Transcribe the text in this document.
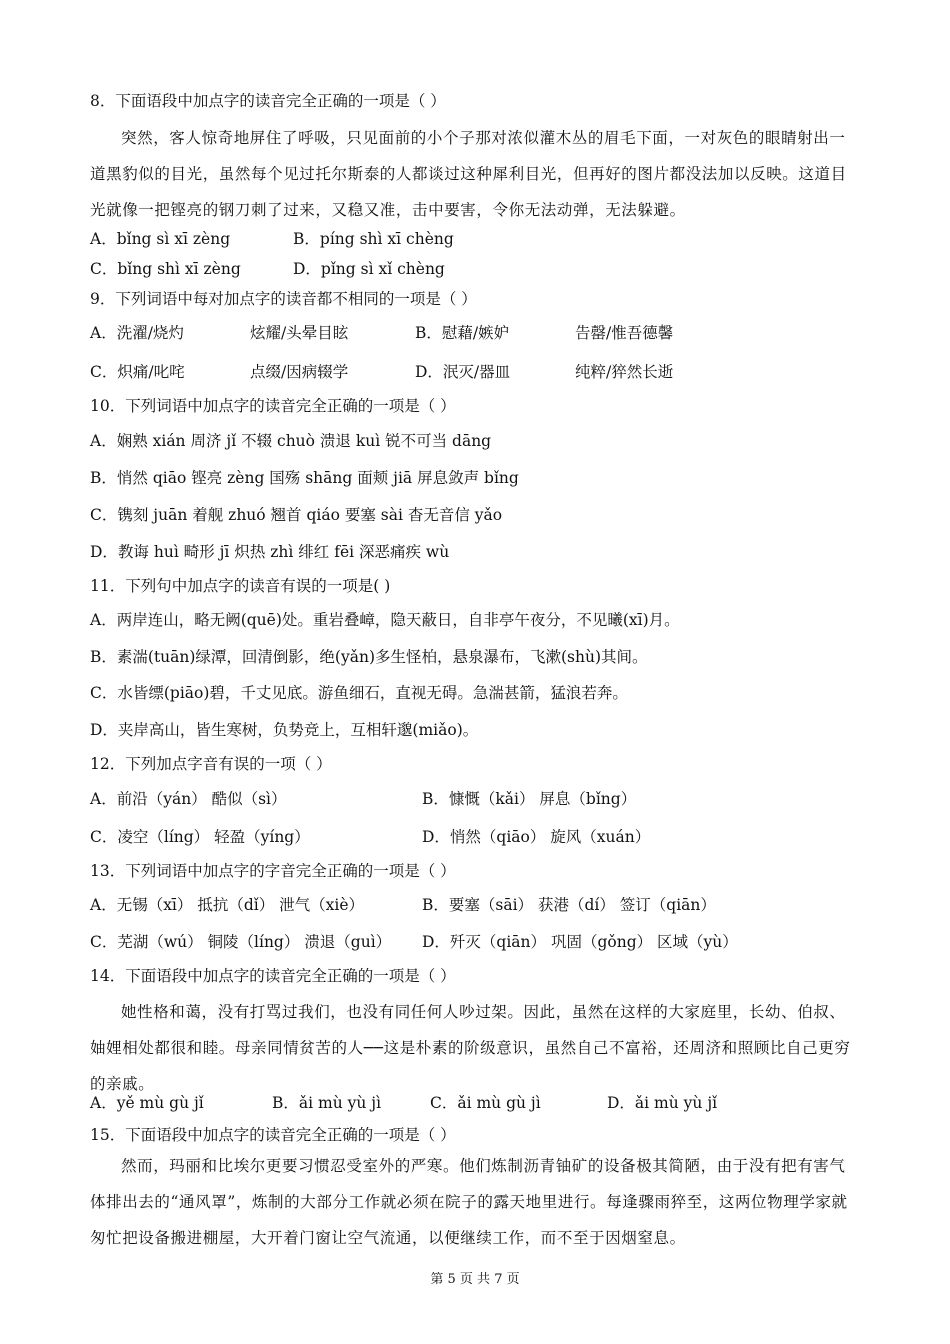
8．下面语段中加点字的读音完全正确的一项是（ ）
突然，客人惊奇地屏住了呼吸，只见面前的小个子那对浓似灌木丛的眉毛下面，一对灰色的眼睛射出一道黑豹似的目光，虽然每个见过托尔斯泰的人都谈过这种犀利目光，但再好的图片都没法加以反映。这道目光就像一把铿亮的钢刀刺了过来，又稳又准，击中要害，令你无法动弹，无法躲避。
A．bǐng sì xī zèng	B．píng shì xī chèng
C．bǐng shì xī zèng	D．pǐng sì xǐ chèng
9．下列词语中每对加点字的读音都不相同的一项是（ ）
A．洗濯/烧灼	炫耀/头晕目眩	B．慰藉/嫉妒	告罄/惟吾德馨
C．炽痛/叱咤	点缀/因病辍学	D．泯灭/器皿	纯粹/猝然长逝
10．下列词语中加点字的读音完全正确的一项是（ ）
A．娴熟 xián 周济 jǐ 不辍 chuò 溃退 kuì 锐不可当 dāng
B．悄然 qiāo 铿亮 zèng 国殇 shāng 面颊 jiā 屏息敛声 bǐng
C．镌刻 juān 着舰 zhuó 翘首 qiáo 要塞 sài 杳无音信 yǎo
D．教诲 huì 畸形 jī 炽热 zhì 绯红 fēi 深恶痛疾 wù
11．下列句中加点字的读音有误的一项是( )
A．两岸连山，略无阙(quē)处。重岩叠嶂，隐天蔽日，自非亭午夜分，不见曦(xī)月。
B．素湍(tuān)绿潭，回清倒影，绝(yǎn)多生怪柏，悬泉瀑布，飞漱(shù)其间。
C．水皆缥(piāo)碧，千丈见底。游鱼细石，直视无碍。急湍甚箭，猛浪若奔。
D．夹岸高山，皆生寒树，负势竞上，互相轩邈(miǎo)。
12．下列加点字音有误的一项（ ）
A．前沿（yán） 酷似（sì）	B．慷慨（kǎi） 屏息（bǐng）
C．凌空（líng） 轻盈（yíng）	D．悄然（qiāo） 旋风（xuán）
13．下列词语中加点字的字音完全正确的一项是（ ）
A．无锡（xī） 抵抗（dǐ） 泄气（xiè）	B．要塞（sāi） 获港（dí） 签订（qiān）
C．芜湖（wú） 铜陵（líng） 溃退（guì） D．歼灭（qiān） 巩固（gǒng） 区域（yù）
14．下面语段中加点字的读音完全正确的一项是（ ）
她性格和蔼，没有打骂过我们，也没有同任何人吵过架。因此，虽然在这样的大家庭里，长幼、伯叔、妯娌相处都很和睦。母亲同情贫苦的人──这是朴素的阶级意识，虽然自己不富裕，还周济和照顾比自己更穷的亲戚。
A．yě mù gù jǐ	B．ǎi mù yù jì	C．ǎi mù gù jì	D．ǎi mù yù jǐ
15．下面语段中加点字的读音完全正确的一项是（ ）
然而，玛丽和比埃尔更要习惯忍受室外的严寒。他们炼制沥青铀矿的设备极其简陋，由于没有把有害气体排出去的“通风罩”，炼制的大部分工作就必须在院子的露天地里进行。每逢骤雨猝至，这两位物理学家就匆忙把设备搬进棚屋，大开着门窗让空气流通，以便继续工作，而不至于因烟窒息。
第 5 页 共 7 页
